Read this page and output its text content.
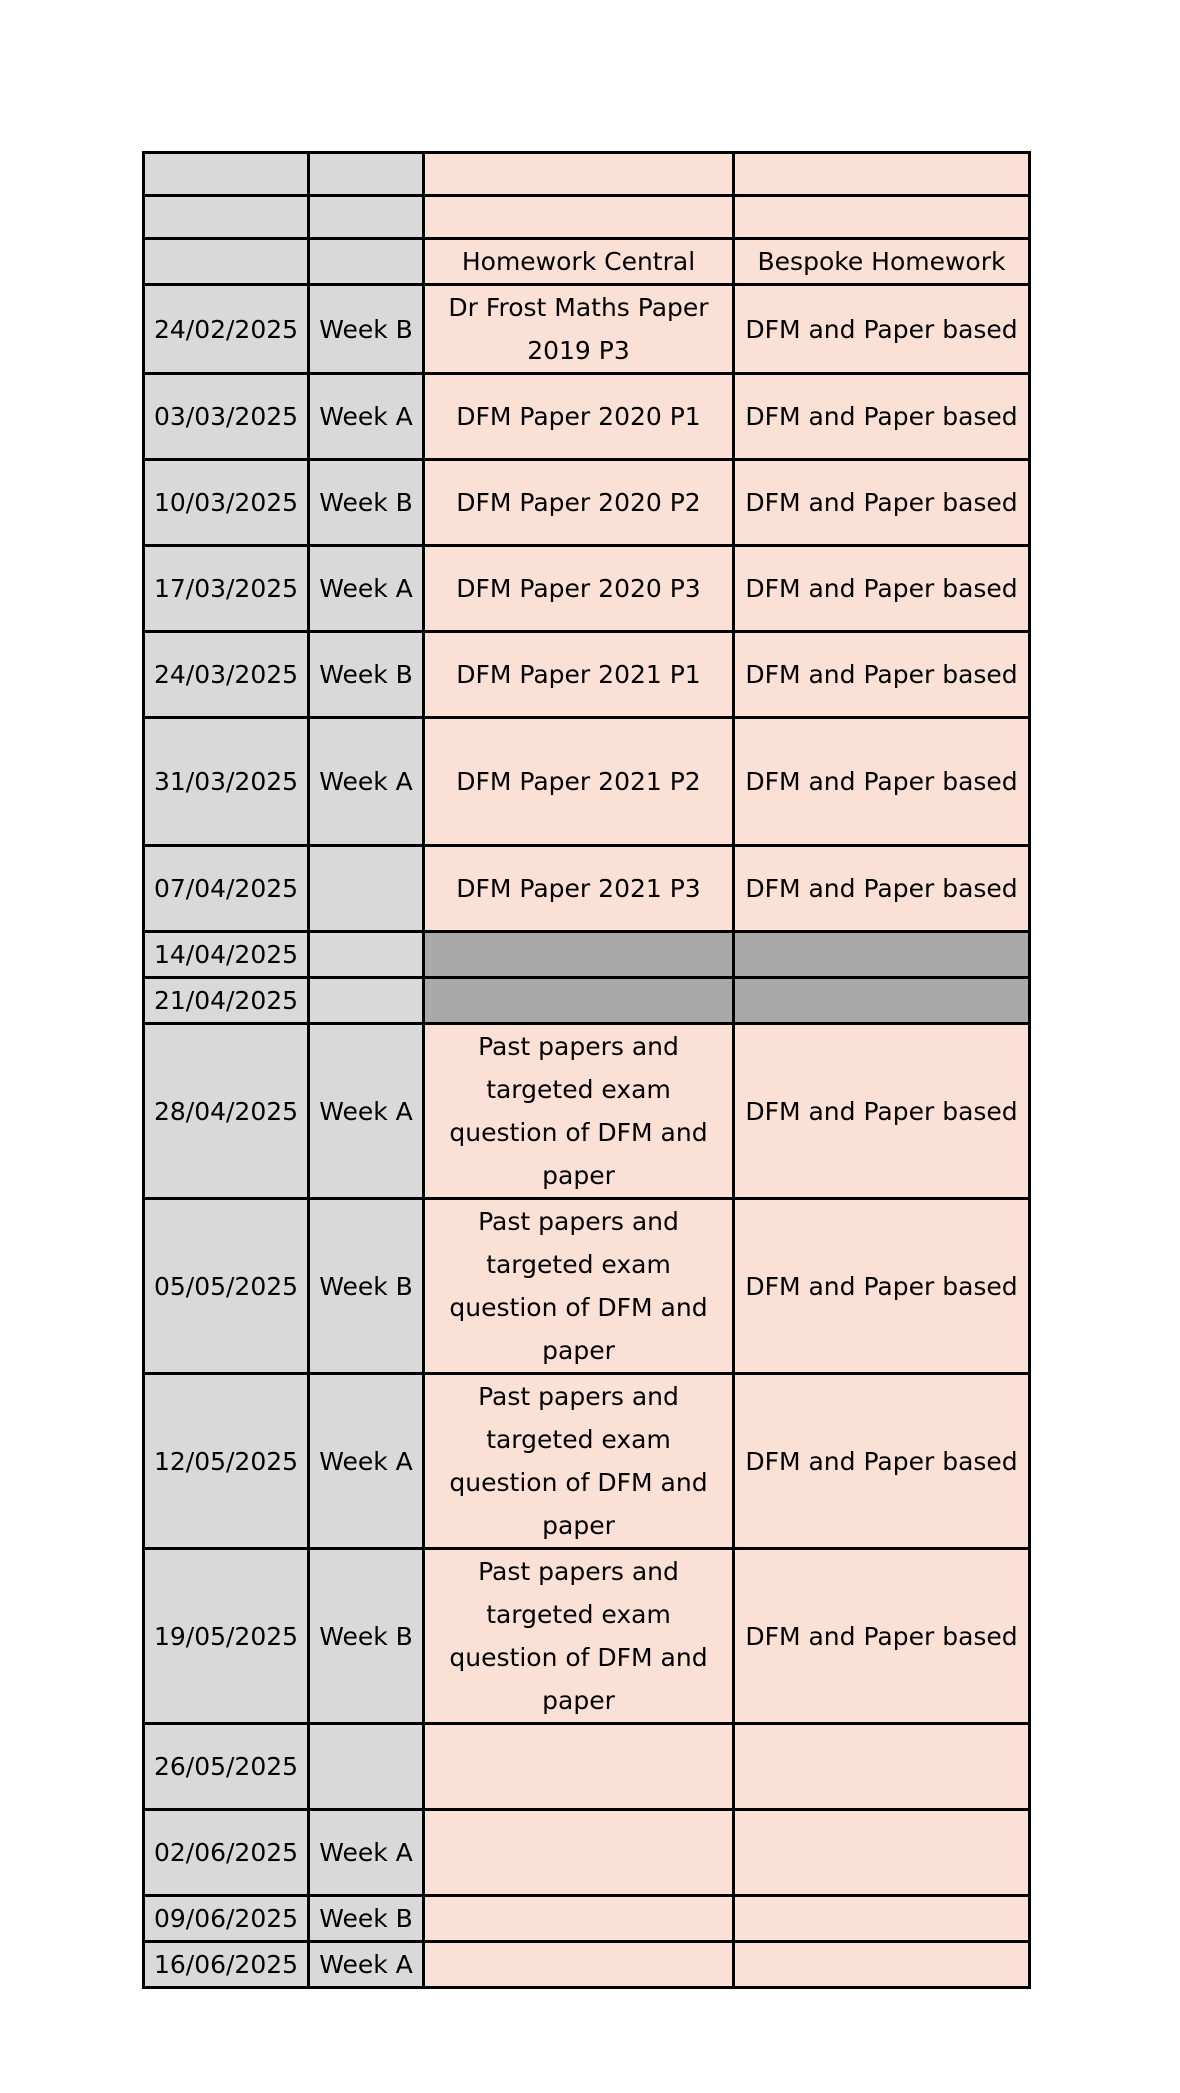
		Homework Central	Bespoke Homework
24/02/2025	Week B	Dr Frost Maths Paper 2019 P3	DFM and Paper based
03/03/2025	Week A	DFM Paper 2020 P1	DFM and Paper based
10/03/2025	Week B	DFM Paper 2020 P2	DFM and Paper based
17/03/2025	Week A	DFM Paper 2020 P3	DFM and Paper based
24/03/2025	Week B	DFM Paper 2021 P1	DFM and Paper based
31/03/2025	Week A	DFM Paper 2021 P2	DFM and Paper based
07/04/2025		DFM Paper 2021 P3	DFM and Paper based
14/04/2025			
21/04/2025			
28/04/2025	Week A	Past papers and targeted exam question of DFM and paper	DFM and Paper based
05/05/2025	Week B	Past papers and targeted exam question of DFM and paper	DFM and Paper based
12/05/2025	Week A	Past papers and targeted exam question of DFM and paper	DFM and Paper based
19/05/2025	Week B	Past papers and targeted exam question of DFM and paper	DFM and Paper based
26/05/2025			
02/06/2025	Week A		
09/06/2025	Week B		
16/06/2025	Week A		
